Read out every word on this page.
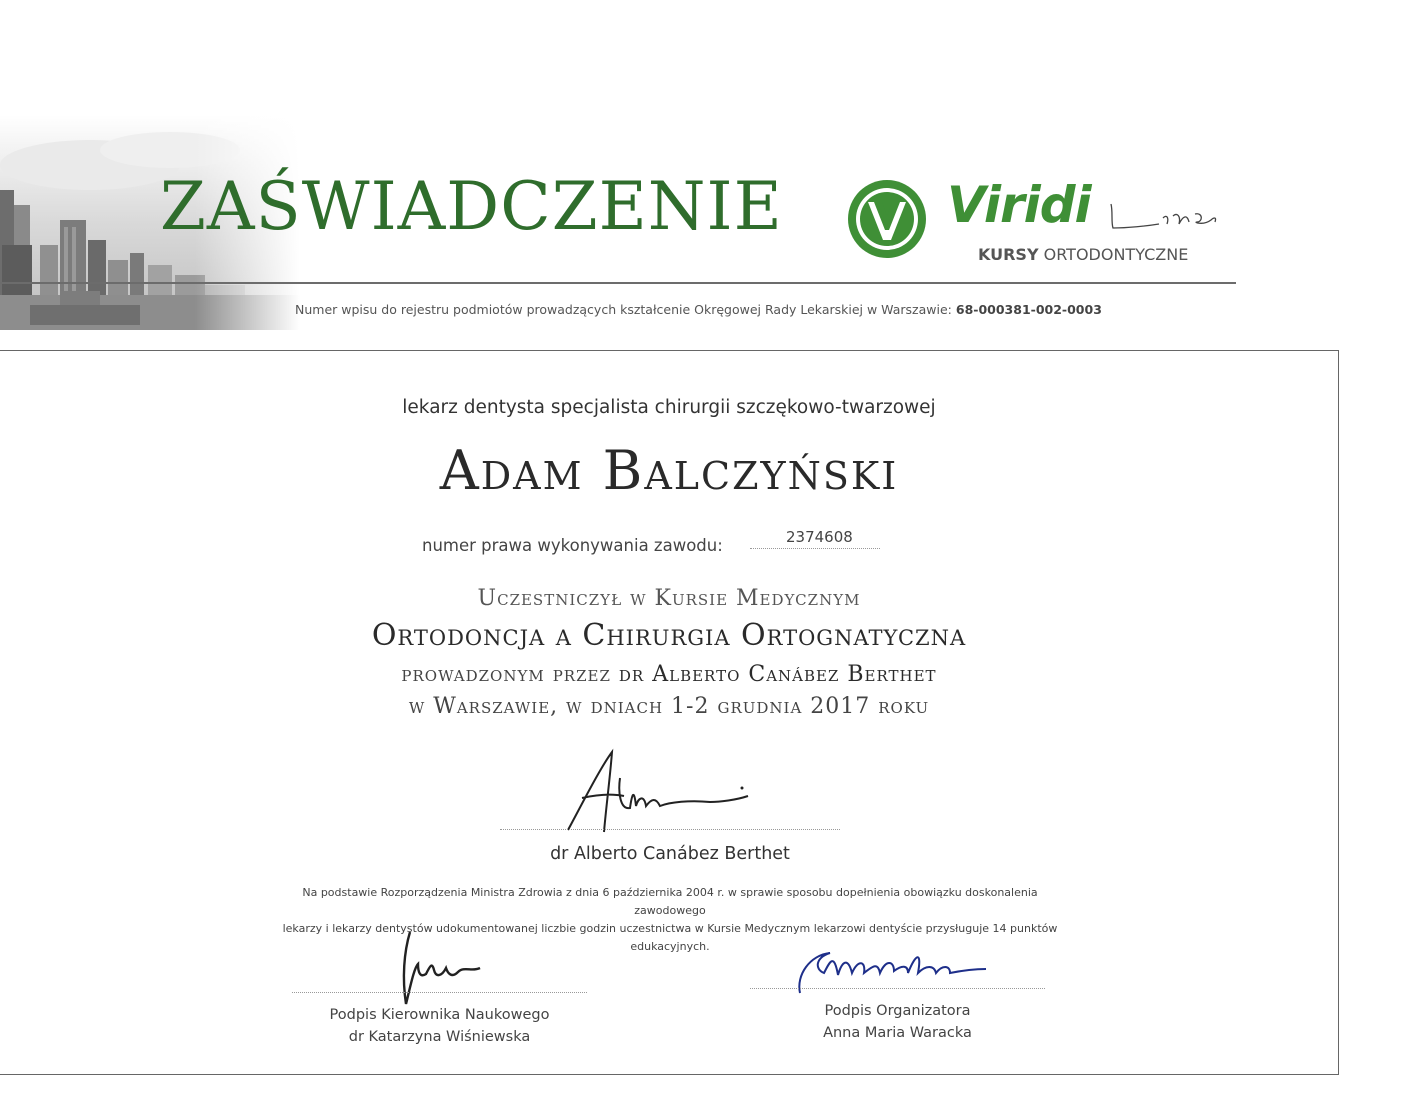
ZAŚWIADCZENIE	Viridi
KURSY ORTODONTYCZNE
Numer wpisu do rejestru podmiotów prowadzących kształcenie Okręgowej Rady Lekarskiej w Warszawie: 68-000381-002-0003
lekarz dentysta specjalista chirurgii szczękowo-twarzowej
Adam Balczyński
numer prawa wykonywania zawodu:	2374608
Uczestniczył w Kursie Medycznym
Ortodoncja a Chirurgia Ortognatyczna
prowadzonym przez dr Alberto Canábez Berthet
w Warszawie, w dniach 1-2 grudnia 2017 roku
dr Alberto Canábez Berthet
Na podstawie Rozporządzenia Ministra Zdrowia z dnia 6 października 2004 r. w sprawie sposobu dopełnienia obowiązku doskonalenia zawodowego
lekarzy i lekarzy dentystów udokumentowanej liczbie godzin uczestnictwa w Kursie Medycznym lekarzowi dentyście przysługuje 14 punktów edukacyjnych.
Podpis Kierownika Naukowego
dr Katarzyna Wiśniewska
Podpis Organizatora
Anna Maria Waracka
